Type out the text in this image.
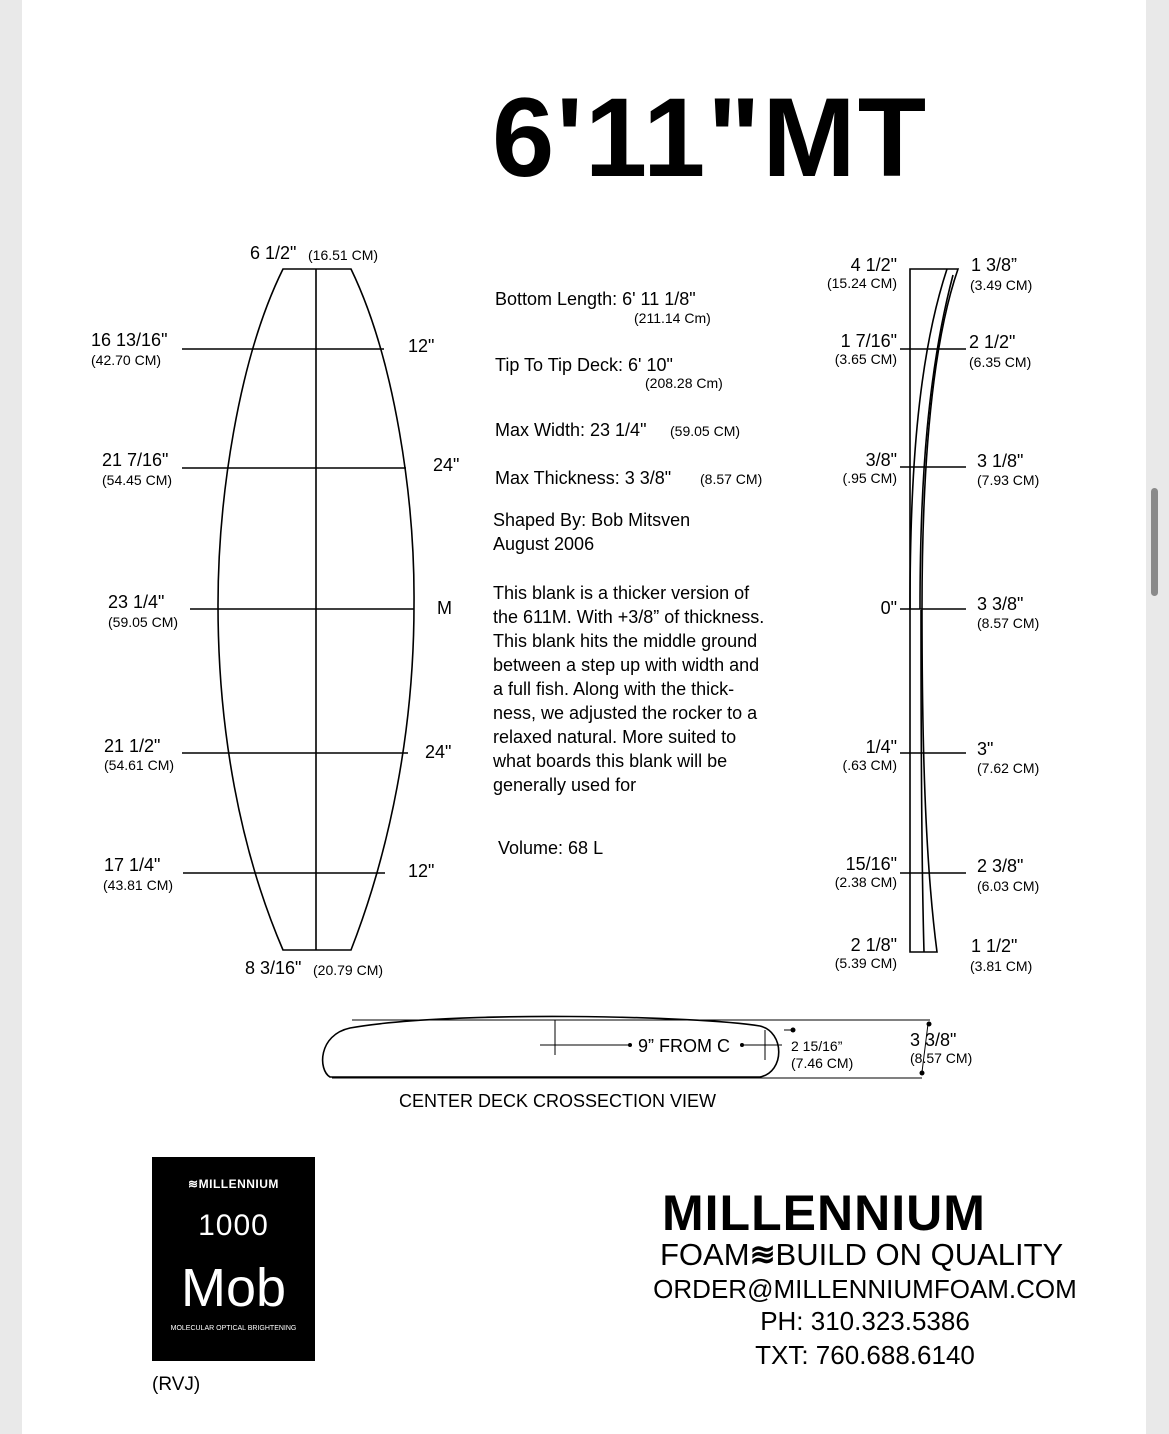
6'11"MT
6 1/2" (16.51 CM)
16 13/16"
(42.70 CM)
12"
21 7/16"
(54.45 CM)
24"
23 1/4"
(59.05 CM)
M
21 1/2"
(54.61 CM)
24"
17 1/4"
(43.81 CM)
12"
8 3/16" (20.79 CM)
Bottom Length: 6' 11 1/8"
(211.14 Cm)
Tip To Tip Deck: 6' 10"
(208.28 Cm)
Max Width: 23 1/4" (59.05 CM)
Max Thickness: 3 3/8" (8.57 CM)
Shaped By: Bob Mitsven
August 2006
This blank is a thicker version of
the 611M. With +3/8” of thickness.
This blank hits the middle ground
between a step up with width and
a full fish. Along with the thick-
ness, we adjusted the rocker to a
relaxed natural. More suited to
what boards this blank will be
generally used for
Volume: 68 L
4 1/2"
(15.24 CM)
1 7/16"
(3.65 CM)
3/8"
(.95 CM)
0"
1/4"
(.63 CM)
15/16"
(2.38 CM)
2 1/8"
(5.39 CM)
1 3/8”
(3.49 CM)
2 1/2"
(6.35 CM)
3 1/8"
(7.93 CM)
3 3/8"
(8.57 CM)
3"
(7.62 CM)
2 3/8"
(6.03 CM)
1 1/2"
(3.81 CM)
9” FROM C	2 15/16”
(7.46 CM)
3 3/8"
(8.57 CM)
CENTER DECK CROSSECTION VIEW
≋MILLENNIUM
1000
Mob
MOLECULAR OPTICAL BRIGHTENING
(RVJ)
MILLENNIUM
FOAM≋BUILD ON QUALITY
ORDER@MILLENNIUMFOAM.COM
PH: 310.323.5386
TXT: 760.688.6140
